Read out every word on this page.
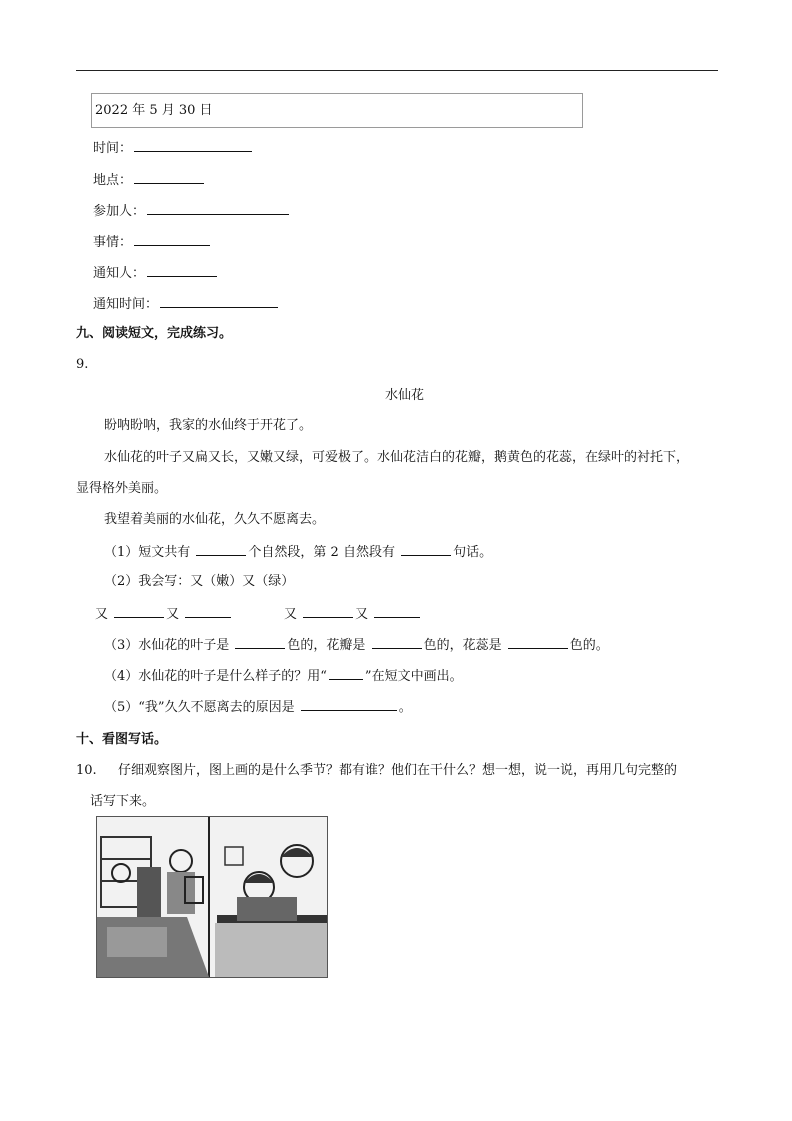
2022 年 5 月 30 日
时间：
地点：
参加人：
事情：
通知人：
通知时间：
九、阅读短文，完成练习。
9.
水仙花
盼呐盼呐，我家的水仙终于开花了。
水仙花的叶子又扁又长，又嫩又绿，可爱极了。水仙花洁白的花瓣，鹅黄色的花蕊，在绿叶的衬托下，
显得格外美丽。
我望着美丽的水仙花，久久不愿离去。
（1）短文共有	个自然段，第 2 自然段有	句话。
（2）我会写：又（嫩）又（绿）
又	又	又	又
（3）水仙花的叶子是	色的，花瓣是	色的，花蕊是	色的。
（4）水仙花的叶子是什么样子的？用“	”在短文中画出。
（5）“我”久久不愿离去的原因是	。
十、看图写话。
10. 仔细观察图片，图上画的是什么季节？都有谁？他们在干什么？想一想，说一说，再用几句完整的
话写下来。
